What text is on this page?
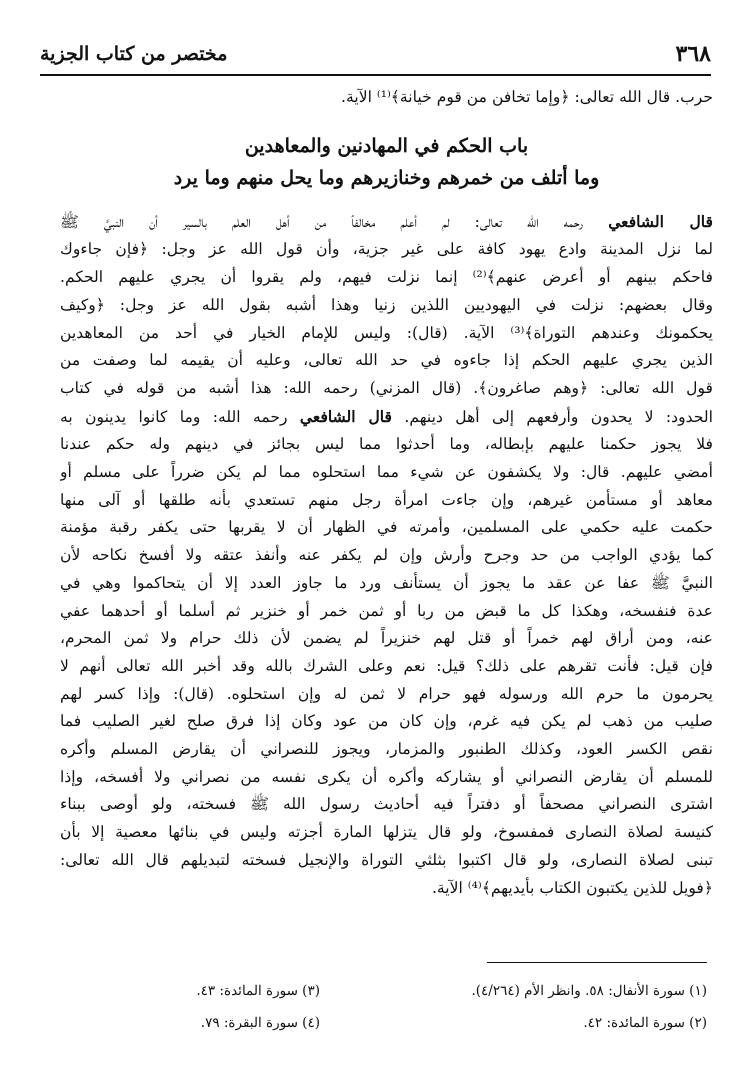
٣٦٨
مختصر من كتاب الجزية
حرب. قال الله تعالى: ﴿وإما تخافن من قوم خيانة﴾⁽¹⁾ الآية.
باب الحكم في المهادنين والمعاهدين
وما أتلف من خمرهم وخنازيرهم وما يحل منهم وما يرد
قال الشافعي رحمه الله تعالى: لم أعلم مخالفاً من أهل العلم بالسير أن النبيَّ ﷺ
لما نزل المدينة وادع يهود كافة على غير جزية، وأن قول الله عز وجل: ﴿فإن جاءوك
فاحكم بينهم أو أعرض عنهم﴾⁽²⁾ إنما نزلت فيهم، ولم يقروا أن يجري عليهم الحكم.
وقال بعضهم: نزلت في اليهوديين اللذين زنيا وهذا أشبه بقول الله عز وجل: ﴿وكيف
يحكمونك وعندهم التوراة﴾⁽³⁾ الآية. (قال): وليس للإمام الخيار في أحد من المعاهدين
الذين يجري عليهم الحكم إذا جاءوه في حد الله تعالى، وعليه أن يقيمه لما وصفت من
قول الله تعالى: ﴿وهم صاغرون﴾. (قال المزني) رحمه الله: هذا أشبه من قوله في كتاب
الحدود: لا يحدون وأرفعهم إلى أهل دينهم. قال الشافعي رحمه الله: وما كانوا يدينون به
فلا يجوز حكمنا عليهم بإبطاله، وما أحدثوا مما ليس بجائز في دينهم وله حكم عندنا
أمضي عليهم. قال: ولا يكشفون عن شيء مما استحلوه مما لم يكن ضرراً على مسلم أو
معاهد أو مستأمن غيرهم، وإن جاءت امرأة رجل منهم تستعدي بأنه طلقها أو آلى منها
حكمت عليه حكمي على المسلمين، وأمرته في الظهار أن لا يقربها حتى يكفر رقبة مؤمنة
كما يؤدي الواجب من حد وجرح وأرش وإن لم يكفر عنه وأنفذ عتقه ولا أفسخ نكاحه لأن
النبيَّ ﷺ عفا عن عقد ما يجوز أن يستأنف ورد ما جاوز العدد إلا أن يتحاكموا وهي في
عدة فنفسخه، وهكذا كل ما قبض من ربا أو ثمن خمر أو خنزير ثم أسلما أو أحدهما عفي
عنه، ومن أراق لهم خمراً أو قتل لهم خنزيراً لم يضمن لأن ذلك حرام ولا ثمن المحرم،
فإن قيل: فأنت تقرهم على ذلك؟ قيل: نعم وعلى الشرك بالله وقد أخبر الله تعالى أنهم لا
يحرمون ما حرم الله ورسوله فهو حرام لا ثمن له وإن استحلوه. (قال): وإذا كسر لهم
صليب من ذهب لم يكن فيه غرم، وإن كان من عود وكان إذا فرق صلح لغير الصليب فما
نقص الكسر العود، وكذلك الطنبور والمزمار، ويجوز للنصراني أن يقارض المسلم وأكره
للمسلم أن يقارض النصراني أو يشاركه وأكره أن يكرى نفسه من نصراني ولا أفسخه، وإذا
اشترى النصراني مصحفاً أو دفتراً فيه أحاديث رسول الله ﷺ فسخته، ولو أوصى ببناء
كنيسة لصلاة النصارى فمفسوخ، ولو قال يتزلها المارة أجزته وليس في بنائها معصية إلا بأن
تبنى لصلاة النصارى، ولو قال اكتبوا بثلثي التوراة والإنجيل فسخته لتبديلهم قال الله تعالى:
﴿فويل للذين يكتبون الكتاب بأيديهم﴾⁽⁴⁾ الآية.
(١) سورة الأنفال: ٥٨. وانظر الأم (٤/٢٦٤).
(٣) سورة المائدة: ٤٣.
(٢) سورة المائدة: ٤٢.
(٤) سورة البقرة: ٧٩.
